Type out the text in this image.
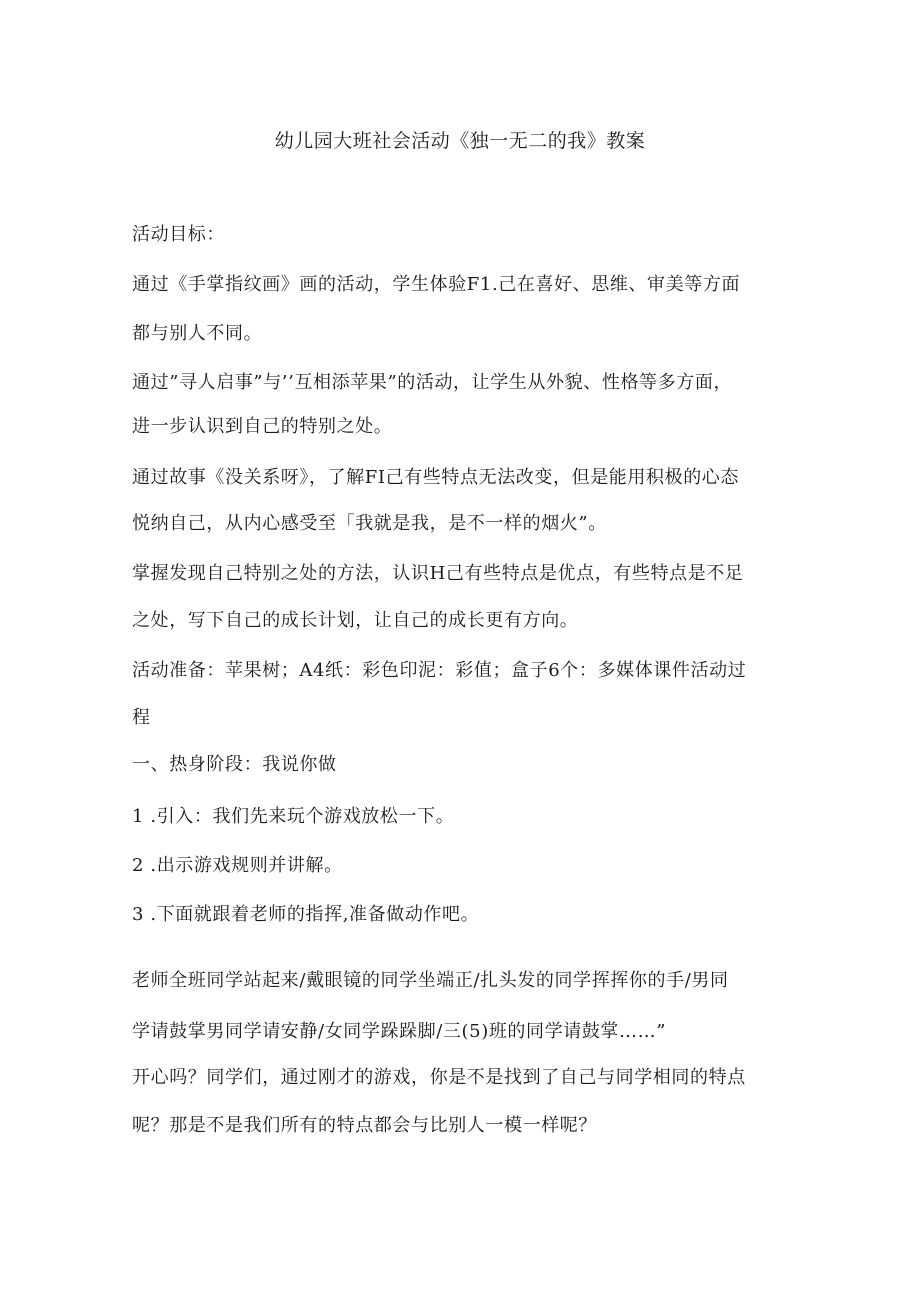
幼儿园大班社会活动《独一无二的我》教案
活动目标：
通过《手掌指纹画》画的活动，学生体验F1.己在喜好、思维、审美等方面
都与别人不同。
通过”寻人启事”与’’互相添苹果”的活动，让学生从外貌、性格等多方面，
进一步认识到自己的特别之处。
通过故事《没关系呀》，了解FI己有些特点无法改变，但是能用积极的心态
悦纳自己，从内心感受至「我就是我，是不一样的烟火”。
掌握发现自己特别之处的方法，认识H己有些特点是优点，有些特点是不足
之处，写下自己的成长计划，让自己的成长更有方向。
活动准备：苹果树；A4纸：彩色印泥：彩值；盒子6个：多媒体课件活动过
程
一、热身阶段：我说你做
1 .引入：我们先来玩个游戏放松一下。
2 .出示游戏规则并讲解。
3 .下面就跟着老师的指挥,准备做动作吧。
老师全班同学站起来/戴眼镜的同学坐端正/扎头发的同学挥挥你的手/男同
学请鼓掌男同学请安静/女同学跺跺脚/三(5)班的同学请鼓掌……”
开心吗？同学们，通过刚才的游戏，你是不是找到了自己与同学相同的特点
呢？那是不是我们所有的特点都会与比别人一模一样呢？
